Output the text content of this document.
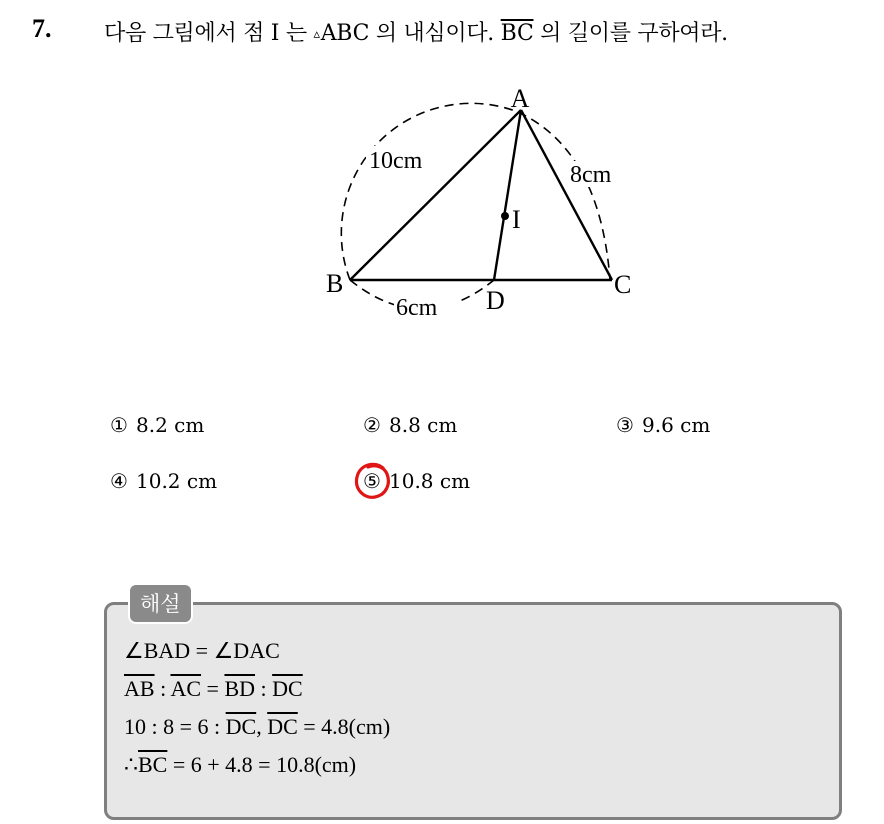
7. 다음 그림에서 점 I 는 ▵ABC 의 내심이다. $\overline{BC}$ 의 길이를 구하여라.
A
B	C
D
I
10cm
8cm
6cm
① 8.2 cm	② 8.8 cm	③ 9.6 cm
④ 10.2 cm	⑤ 10.8 cm
해설
∠BAD = ∠DAC
$\overline{AB}$ : $\overline{AC} = \overline{BD}$ : $\overline{DC}$
10 : 8 = 6 : $\overline{DC}$, $\overline{DC} = 4.8(cm)$
$\therefore\overline{BC} = 6 + 4.8 = 10.8(cm)$
